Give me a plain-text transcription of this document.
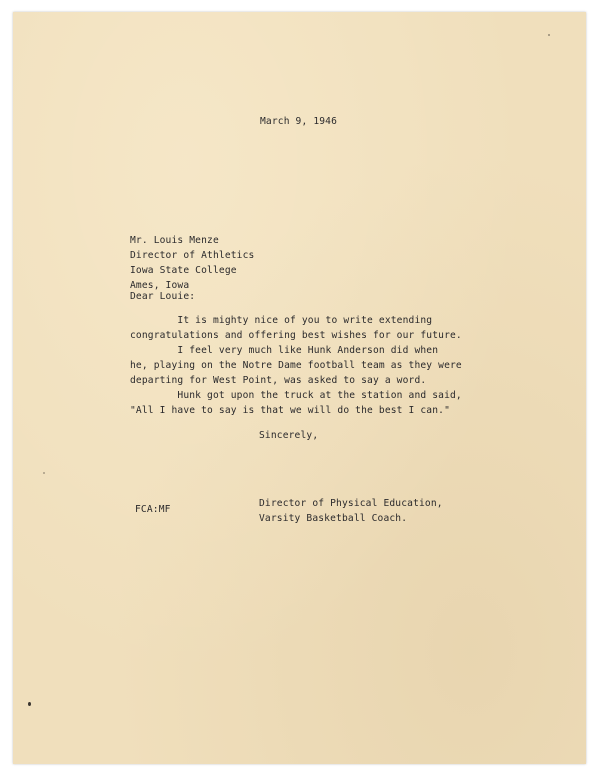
March 9, 1946
Mr. Louis Menze
Director of Athletics
Iowa State College
Ames, Iowa
Dear Louie:
It is mighty nice of you to write extending
congratulations and offering best wishes for our future.
I feel very much like Hunk Anderson did when
he, playing on the Notre Dame football team as they were
departing for West Point, was asked to say a word.
Hunk got upon the truck at the station and said,
"All I have to say is that we will do the best I can."
Sincerely,
Director of Physical Education,
Varsity Basketball Coach.
FCA:MF
